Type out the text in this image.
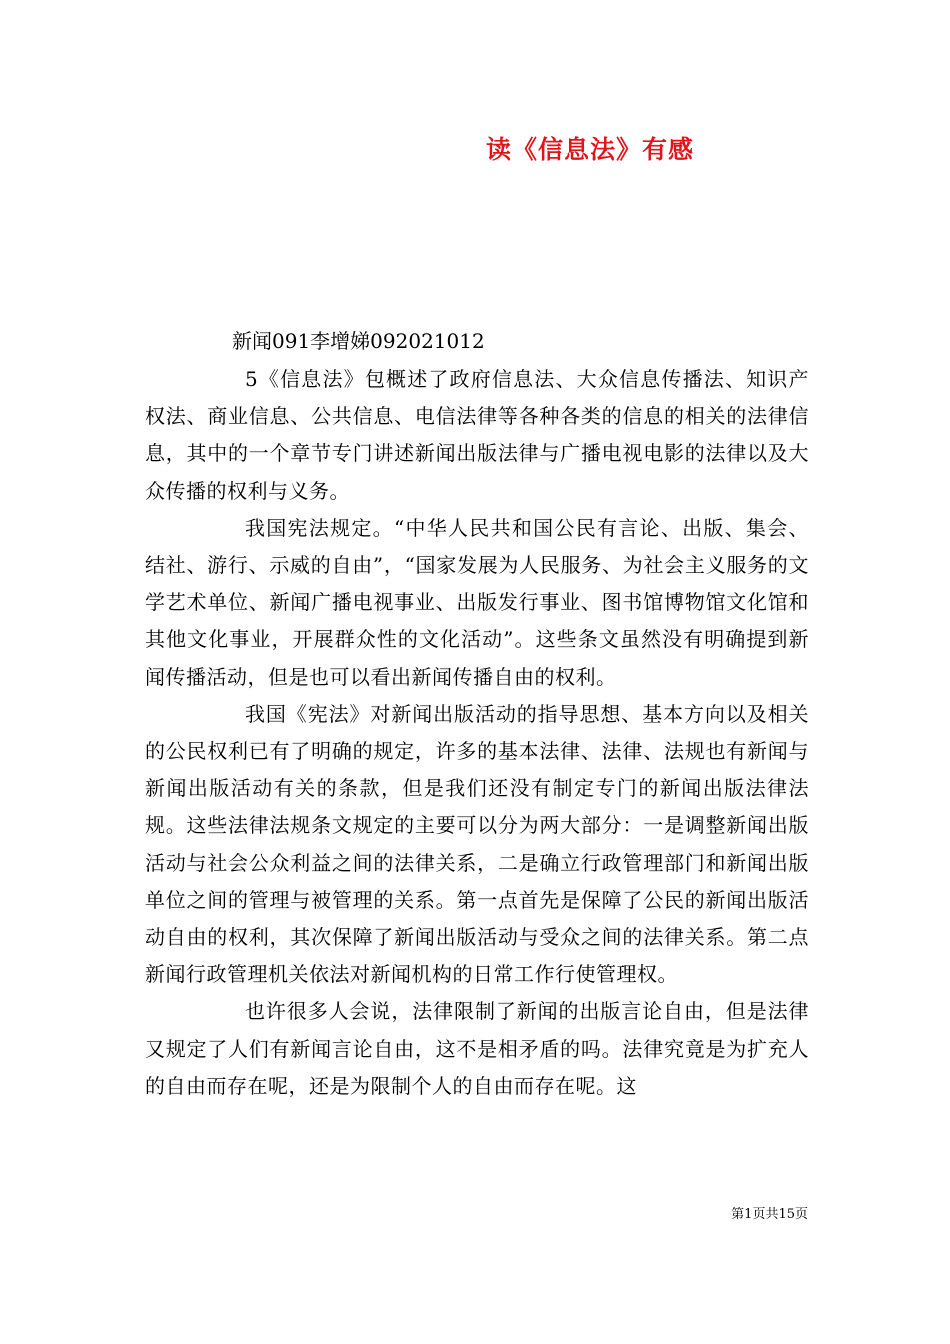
读《信息法》有感
新闻091李增娣092021012

5《信息法》包概述了政府信息法、大众信息传播法、知识产权法、商业信息、公共信息、电信法律等各种各类的信息的相关的法律信息，其中的一个章节专门讲述新闻出版法律与广播电视电影的法律以及大众传播的权利与义务。

我国宪法规定。“中华人民共和国公民有言论、出版、集会、结社、游行、示威的自由”，“国家发展为人民服务、为社会主义服务的文学艺术单位、新闻广播电视事业、出版发行事业、图书馆博物馆文化馆和其他文化事业，开展群众性的文化活动”。这些条文虽然没有明确提到新闻传播活动，但是也可以看出新闻传播自由的权利。

我国《宪法》对新闻出版活动的指导思想、基本方向以及相关的公民权利已有了明确的规定，许多的基本法律、法律、法规也有新闻与新闻出版活动有关的条款，但是我们还没有制定专门的新闻出版法律法规。这些法律法规条文规定的主要可以分为两大部分：一是调整新闻出版活动与社会公众利益之间的法律关系，二是确立行政管理部门和新闻出版单位之间的管理与被管理的关系。第一点首先是保障了公民的新闻出版活动自由的权利，其次保障了新闻出版活动与受众之间的法律关系。第二点新闻行政管理机关依法对新闻机构的日常工作行使管理权。

也许很多人会说，法律限制了新闻的出版言论自由，但是法律又规定了人们有新闻言论自由，这不是相矛盾的吗。法律究竟是为扩充人的自由而存在呢，还是为限制个人的自由而存在呢。这

第1页共15页
